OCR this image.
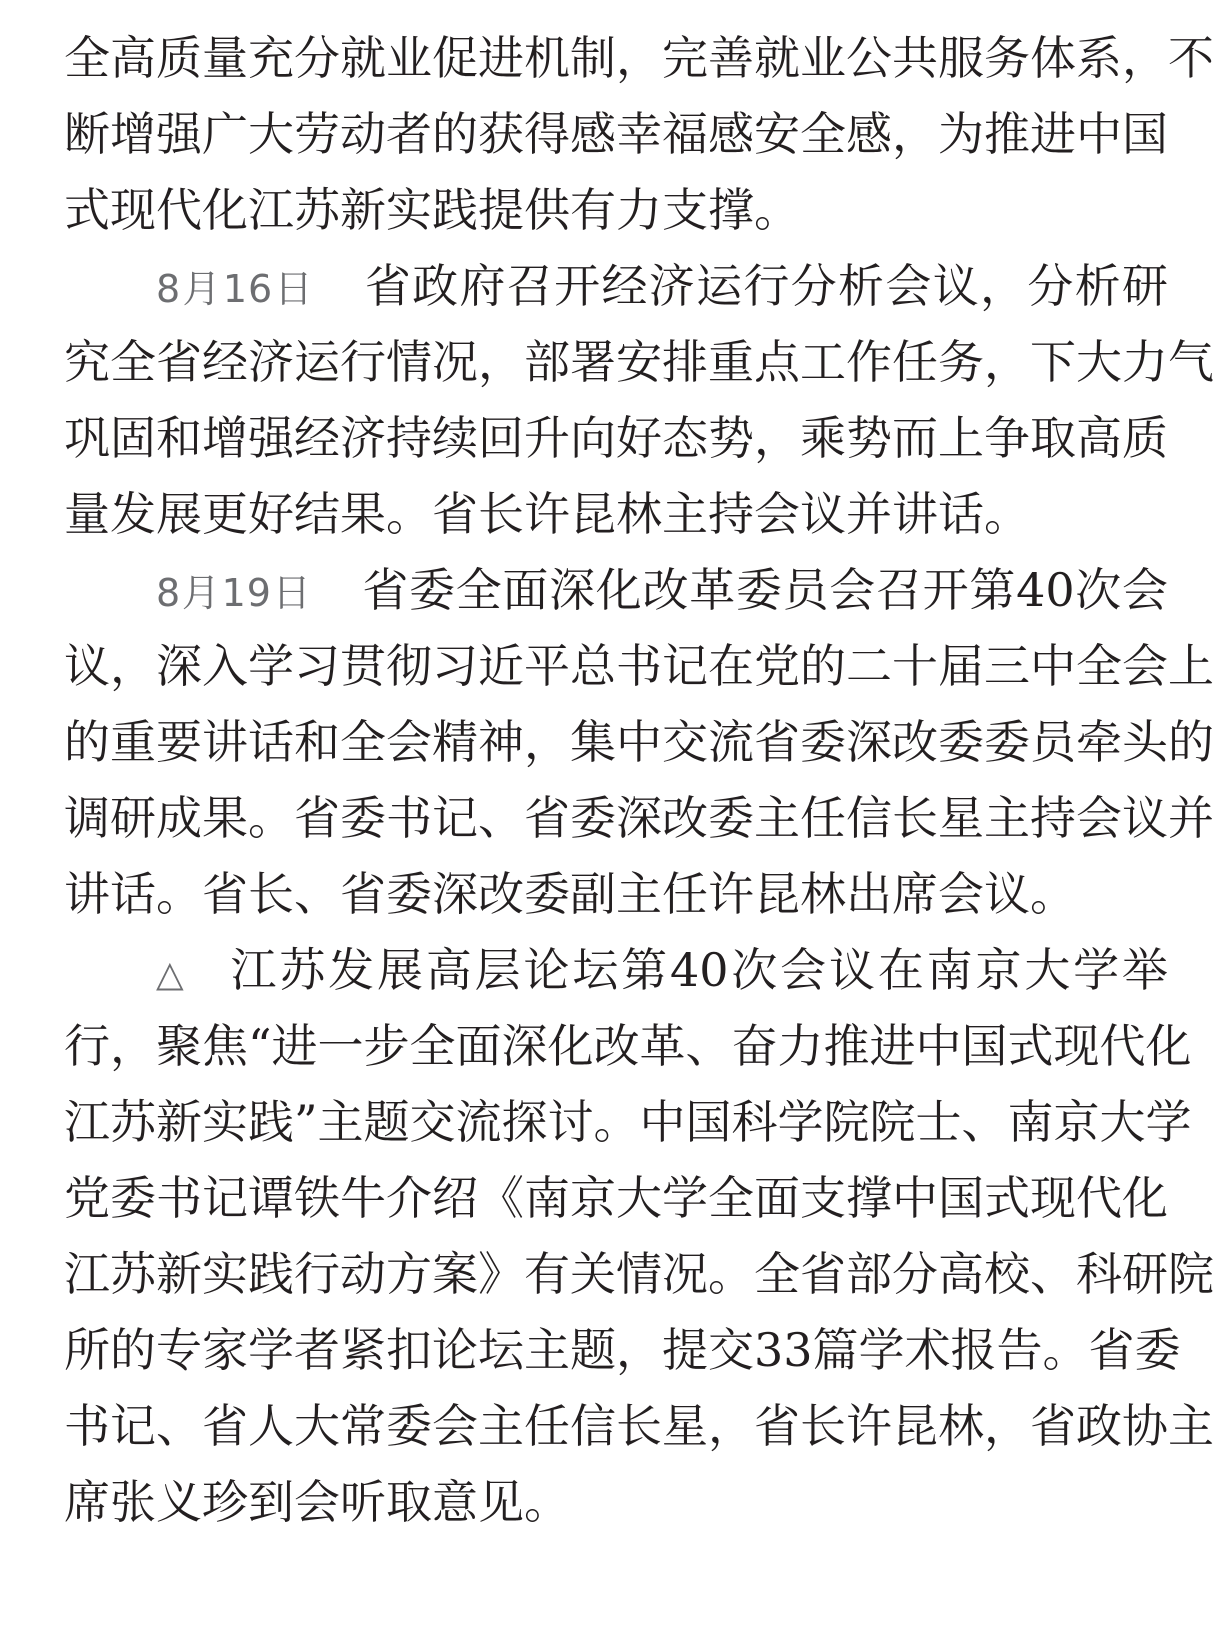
全高质量充分就业促进机制，完善就业公共服务体系，不
断增强广大劳动者的获得感幸福感安全感，为推进中国
式现代化江苏新实践提供有力支撑。
8月16日 省政府召开经济运行分析会议，分析研
究全省经济运行情况，部署安排重点工作任务，下大力气
巩固和增强经济持续回升向好态势，乘势而上争取高质
量发展更好结果。省长许昆林主持会议并讲话。
8月19日 省委全面深化改革委员会召开第40次会
议，深入学习贯彻习近平总书记在党的二十届三中全会上
的重要讲话和全会精神，集中交流省委深改委委员牵头的
调研成果。省委书记、省委深改委主任信长星主持会议并
讲话。省长、省委深改委副主任许昆林出席会议。
△ 江苏发展高层论坛第40次会议在南京大学举
行，聚焦“进一步全面深化改革、奋力推进中国式现代化
江苏新实践”主题交流探讨。中国科学院院士、南京大学
党委书记谭铁牛介绍《南京大学全面支撑中国式现代化
江苏新实践行动方案》有关情况。全省部分高校、科研院
所的专家学者紧扣论坛主题，提交33篇学术报告。省委
书记、省人大常委会主任信长星，省长许昆林，省政协主
席张义珍到会听取意见。
